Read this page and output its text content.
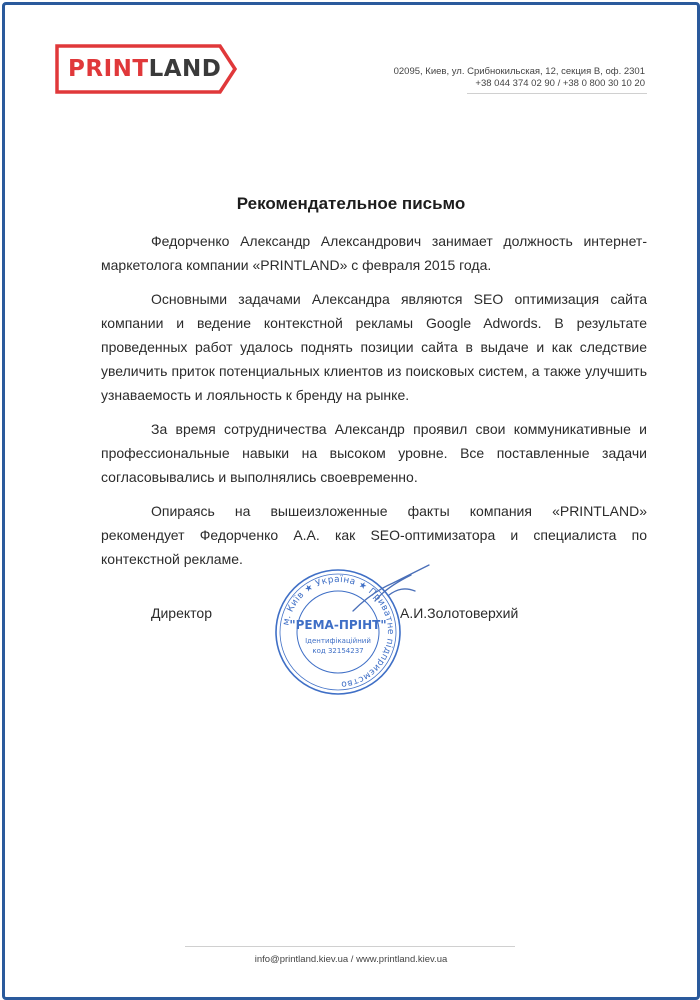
PRINTLAND	02095, Киев, ул. Срибнокильская, 12, секция В, оф. 2301
+38 044 374 02 90 / +38 0 800 30 10 20
Рекомендательное письмо

Федорченко Александр Александрович занимает должность интернет-маркетолога компании «PRINTLAND» с февраля 2015 года.

Основными задачами Александра являются SEO оптимизация сайта компании и ведение контекстной рекламы Google Adwords. В результате проведенных работ удалось поднять позиции сайта в выдаче и как следствие увеличить приток потенциальных клиентов из поисковых систем, а также улучшить узнаваемость и лояльность к бренду на рынке.

За время сотрудничества Александр проявил свои коммуникативные и профессиональные навыки на высоком уровне. Все поставленные задачи согласовывались и выполнялись своевременно.

Опираясь на вышеизложенные факты компания «PRINTLAND» рекомендует Федорченко А.А. как SEO-оптимизатора и специалиста по контекстной рекламе.

Директор	А.И.Золотоверхий
м. Київ ★ Україна ★ Приватне підприємство
"РЕМА-ПРІНТ"
Ідентифікаційний
код 32154237
info@printland.kiev.ua / www.printland.kiev.ua
